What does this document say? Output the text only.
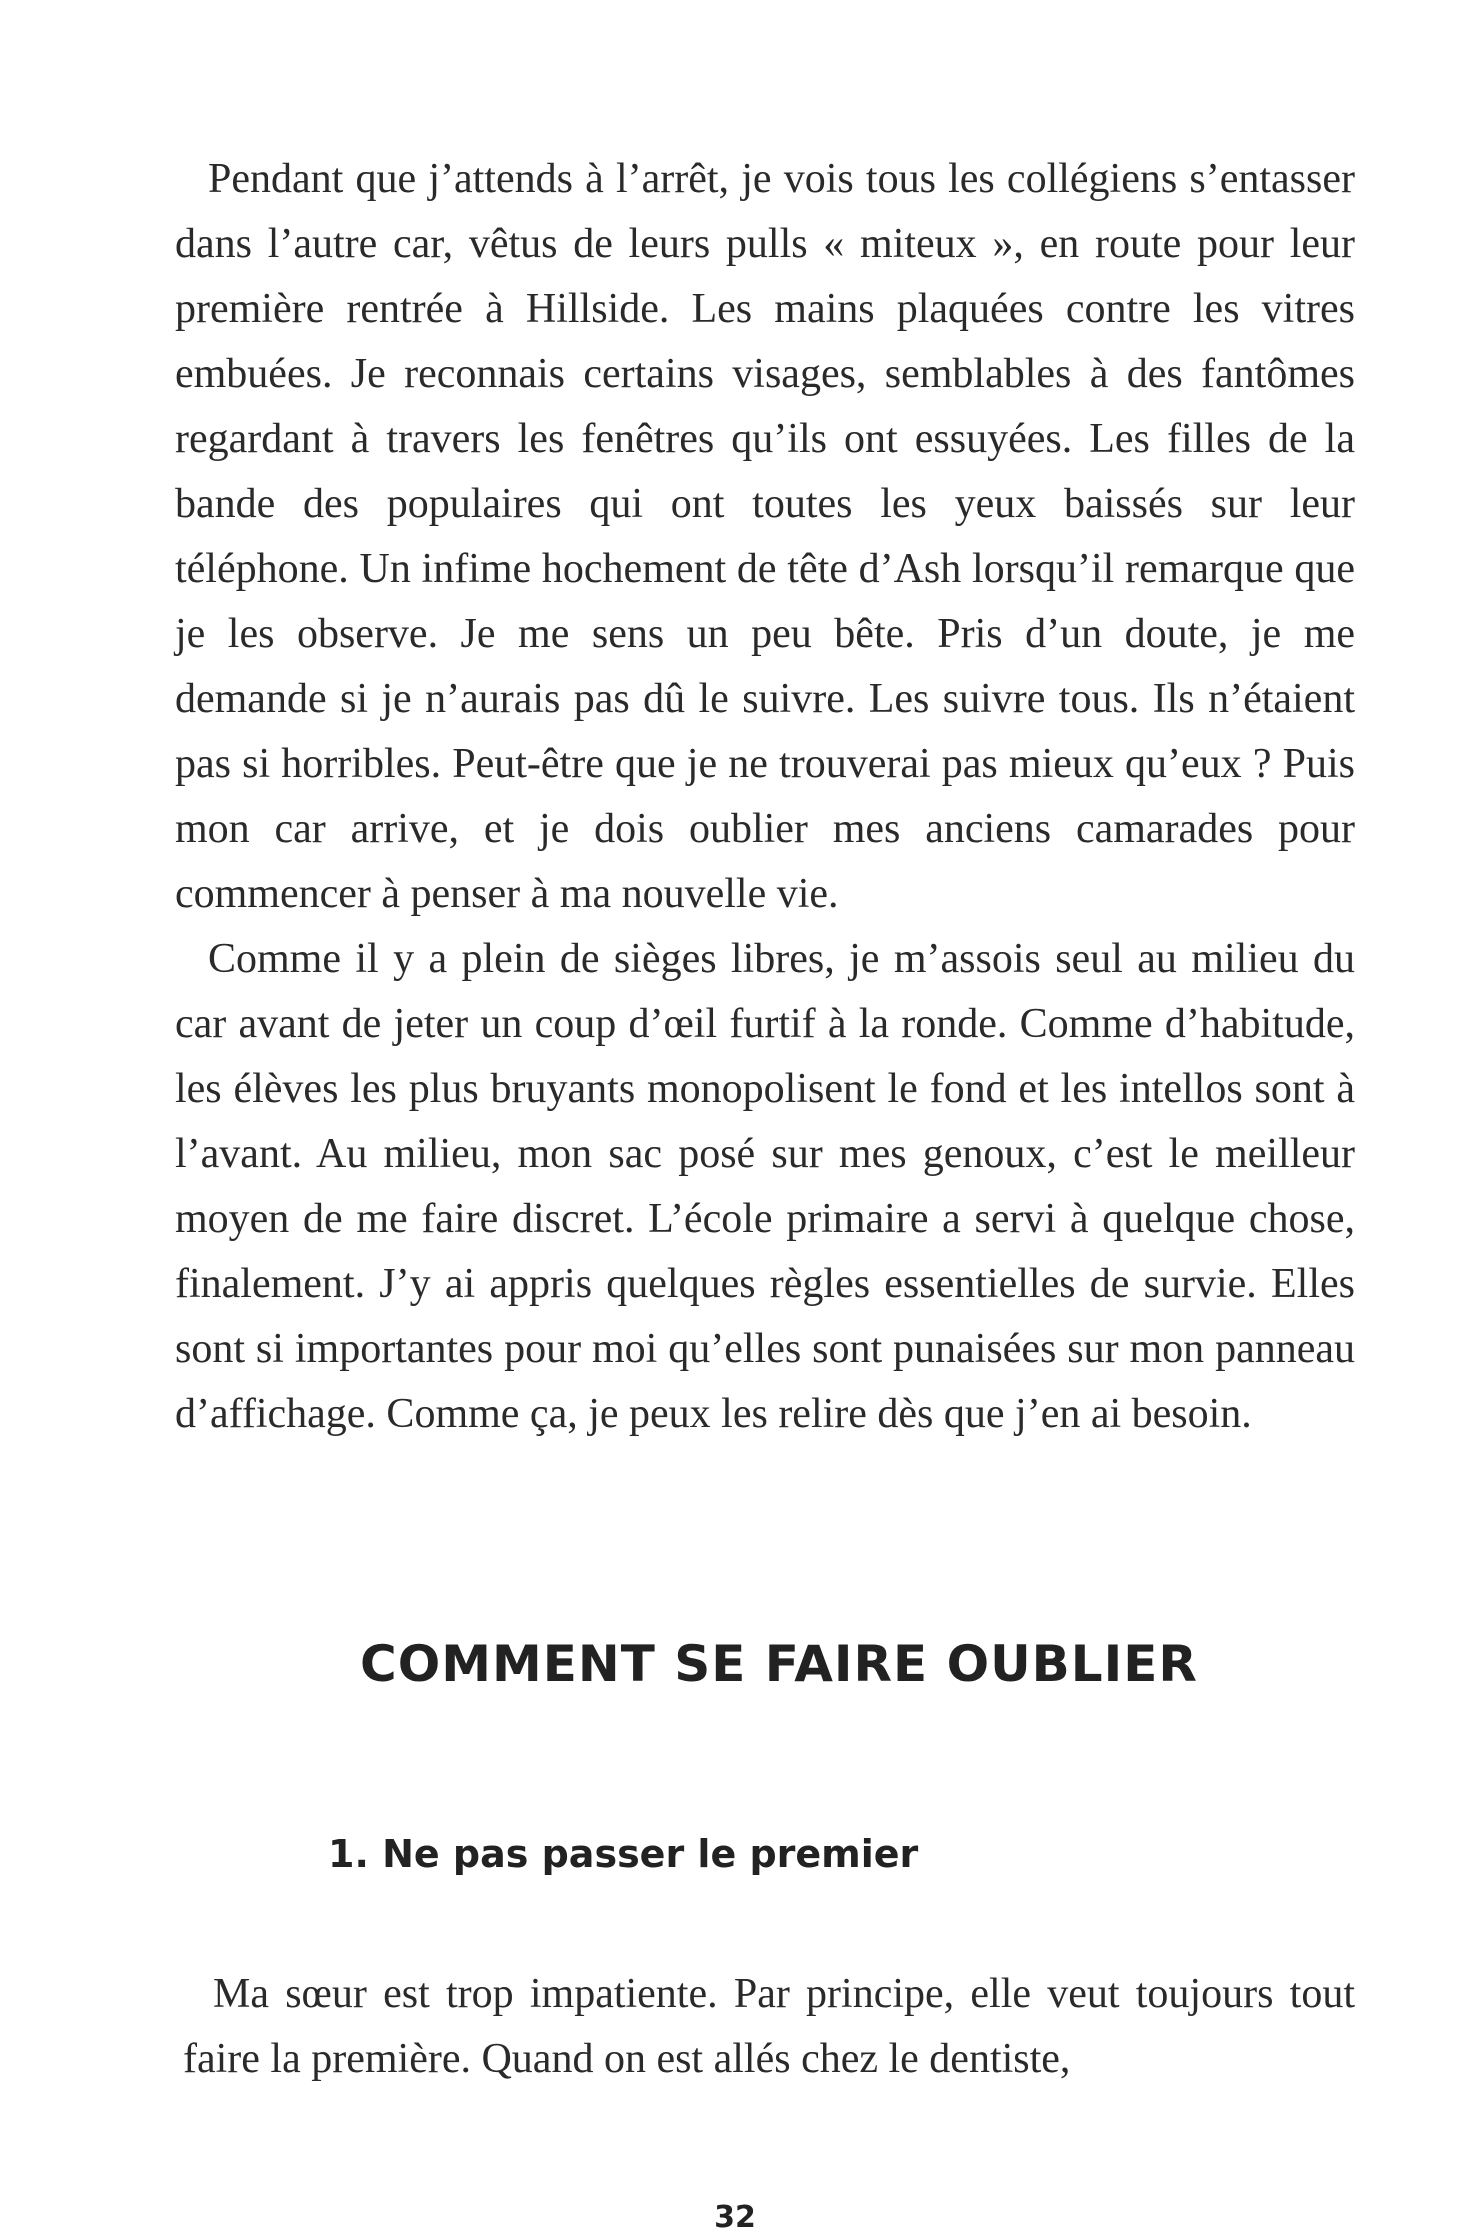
Pendant que j’attends à l’arrêt, je vois tous les collégiens s’entasser dans l’autre car, vêtus de leurs pulls « miteux », en route pour leur première rentrée à Hillside. Les mains plaquées contre les vitres embuées. Je reconnais certains visages, semblables à des fantômes regardant à travers les fenêtres qu’ils ont essuyées. Les filles de la bande des populaires qui ont toutes les yeux baissés sur leur téléphone. Un infime hochement de tête d’Ash lorsqu’il remarque que je les observe. Je me sens un peu bête. Pris d’un doute, je me demande si je n’aurais pas dû le suivre. Les suivre tous. Ils n’étaient pas si horribles. Peut-être que je ne trouverai pas mieux qu’eux ? Puis mon car arrive, et je dois oublier mes anciens camarades pour commencer à penser à ma nouvelle vie.

Comme il y a plein de sièges libres, je m’assois seul au milieu du car avant de jeter un coup d’œil furtif à la ronde. Comme d’habitude, les élèves les plus bruyants monopolisent le fond et les intellos sont à l’avant. Au milieu, mon sac posé sur mes genoux, c’est le meilleur moyen de me faire discret. L’école primaire a servi à quelque chose, finalement. J’y ai appris quelques règles essentielles de survie. Elles sont si importantes pour moi qu’elles sont punaisées sur mon panneau d’affichage. Comme ça, je peux les relire dès que j’en ai besoin.

COMMENT SE FAIRE OUBLIER
1. Ne pas passer le premier

Ma sœur est trop impatiente. Par principe, elle veut toujours tout faire la première. Quand on est allés chez le dentiste,

32
